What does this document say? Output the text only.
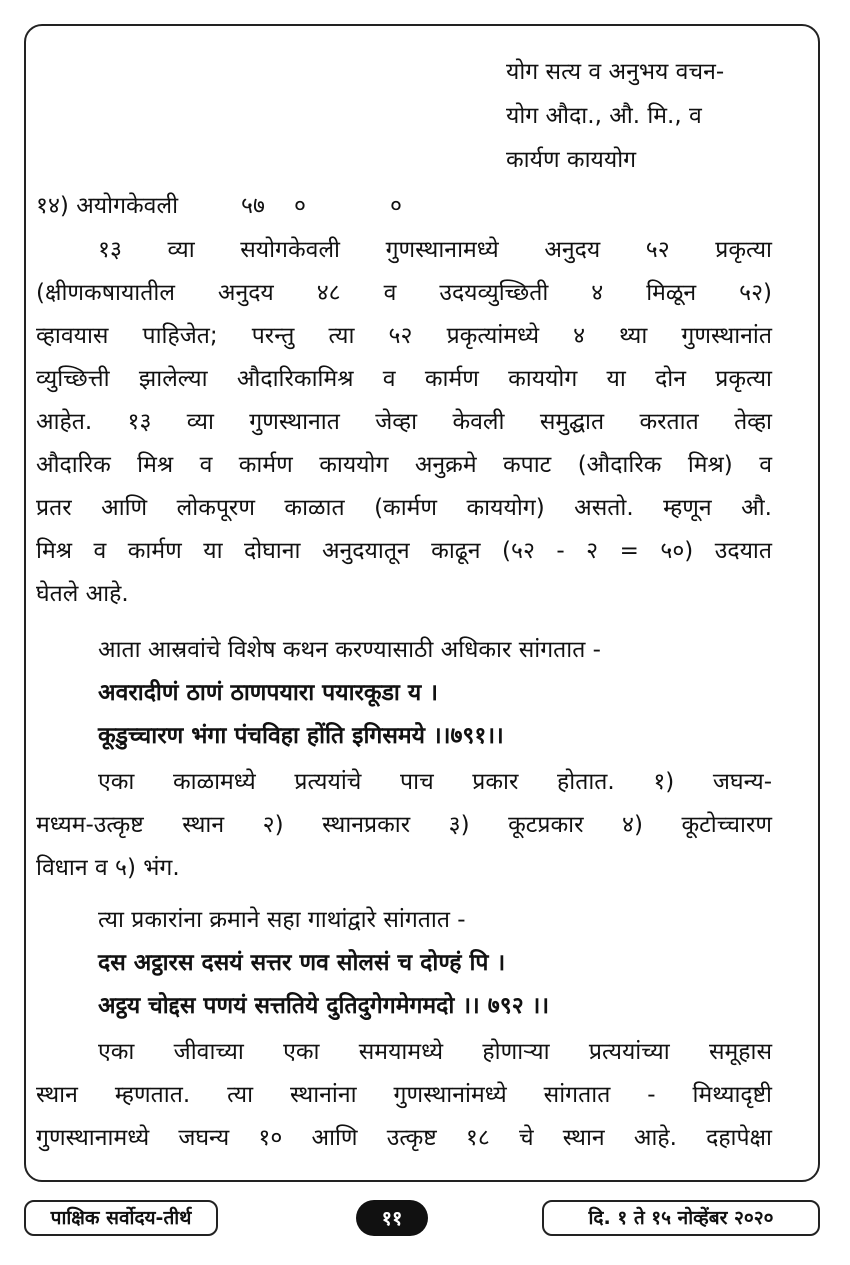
योग सत्य व अनुभय वचन-
योग औदा., औ. मि., व
कार्यण काययोग
१४) अयोगकेवली	५७ ०	०
१३ व्या सयोगकेवली गुणस्थानामध्ये अनुदय ५२ प्रकृत्या
(क्षीणकषायातील अनुदय ४८ व उदयव्युच्छिती ४ मिळून ५२)
व्हावयास पाहिजेत; परन्तु त्या ५२ प्रकृत्यांमध्ये ४ थ्या गुणस्थानांत
व्युच्छित्ती झालेल्या औदारिकामिश्र व कार्मण काययोग या दोन प्रकृत्या
आहेत. १३ व्या गुणस्थानात जेव्हा केवली समुद्घात करतात तेव्हा
औदारिक मिश्र व कार्मण काययोग अनुक्रमे कपाट (औदारिक मिश्र) व
प्रतर आणि लोकपूरण काळात (कार्मण काययोग) असतो. म्हणून औ.
मिश्र व कार्मण या दोघाना अनुदयातून काढून (५२ - २ = ५०) उदयात
घेतले आहे.
आता आस्रवांचे विशेष कथन करण्यासाठी अधिकार सांगतात -
अवरादीणं ठाणं ठाणपयारा पयारकूडा य ।
कूडुच्चारण भंगा पंचविहा होंति इगिसमये ।।७९१।।
एका काळामध्ये प्रत्ययांचे पाच प्रकार होतात. १) जघन्य-
मध्यम-उत्कृष्ट स्थान २) स्थानप्रकार ३) कूटप्रकार ४) कूटोच्चारण
विधान व ५) भंग.
त्या प्रकारांना क्रमाने सहा गाथांद्वारे सांगतात -
दस अट्ठारस दसयं सत्तर णव सोलसं च दोण्हं पि ।
अट्ठय चोद्दस पणयं सत्ततिये दुतिदुगेगमेगमदो ।। ७९२ ।।
एका जीवाच्या एका समयामध्ये होणाऱ्या प्रत्ययांच्या समूहास
स्थान म्हणतात. त्या स्थानांना गुणस्थानांमध्ये सांगतात - मिथ्यादृष्टी
गुणस्थानामध्ये जघन्य १० आणि उत्कृष्ट १८ चे स्थान आहे. दहापेक्षा
पाक्षिक सर्वोदय-तीर्थ	११	दि. १ ते १५ नोव्हेंबर २०२०
